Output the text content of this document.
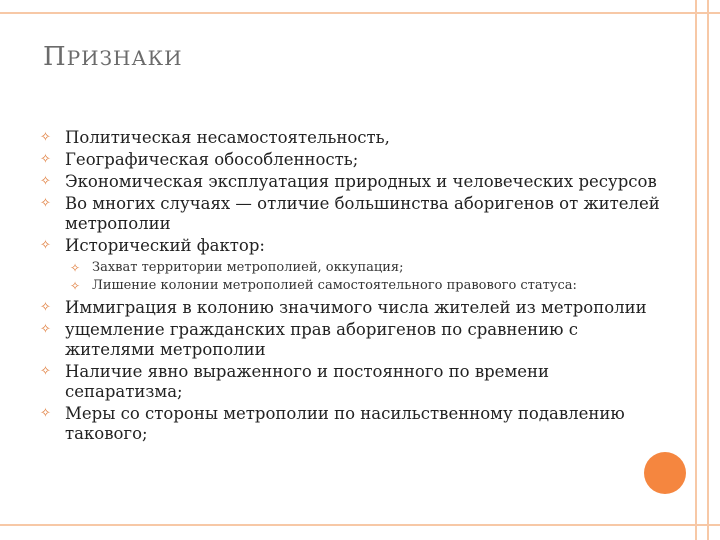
ПРИЗНАКИ
✧ Политическая несамостоятельность,
✧ Географическая обособленность;
✧ Экономическая эксплуатация природных и человеческих ресурсов
✧ Во многих случаях — отличие большинства аборигенов от жителей метрополии
✧ Исторический фактор:
✧ Захват территории метрополией, оккупация;
✧ Лишение колонии метрополией самостоятельного правового статуса:
✧ Иммиграция в колонию значимого числа жителей из метрополии
✧ ущемление гражданских прав аборигенов по сравнению с жителями метрополии
✧ Наличие явно выраженного и постоянного по времени сепаратизма;
✧ Меры со стороны метрополии по насильственному подавлению такового;
